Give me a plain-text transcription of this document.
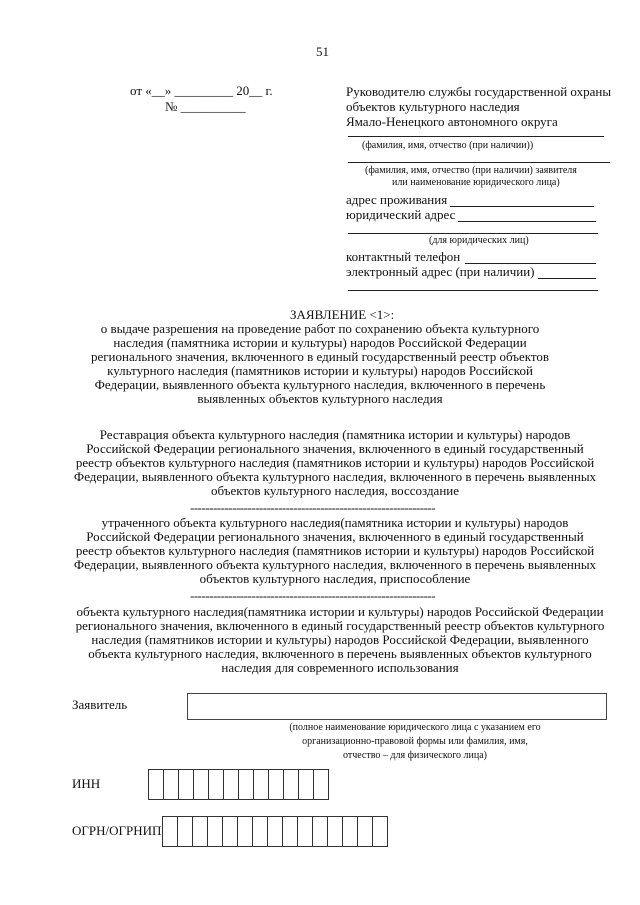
51
от «__» _________ 20__ г.
№ __________
Руководителю службы государственной охраны
объектов культурного наследия
Ямало-Ненецкого автономного округа
(фамилия, имя, отчество (при наличии))
(фамилия, имя, отчество (при наличии) заявителя
или наименование юридического лица)
адрес проживания
юридический адрес
(для юридических лиц)
контактный телефон
электронный адрес (при наличии)
ЗАЯВЛЕНИЕ <1>:
о выдаче разрешения на проведение работ по сохранению объекта культурного
наследия (памятника истории и культуры) народов Российской Федерации
регионального значения, включенного в единый государственный реестр объектов
культурного наследия (памятников истории и культуры) народов Российской
Федерации, выявленного объекта культурного наследия, включенного в перечень
выявленных объектов культурного наследия
Реставрация объекта культурного наследия (памятника истории и культуры) народов
Российской Федерации регионального значения, включенного в единый государственный
реестр объектов культурного наследия (памятников истории и культуры) народов Российской
Федерации, выявленного объекта культурного наследия, включенного в перечень выявленных
объектов культурного наследия, воссоздание
----------------------------------------------------------------
утраченного объекта культурного наследия(памятника истории и культуры) народов
Российской Федерации регионального значения, включенного в единый государственный
реестр объектов культурного наследия (памятников истории и культуры) народов Российской
Федерации, выявленного объекта культурного наследия, включенного в перечень выявленных
объектов культурного наследия, приспособление
----------------------------------------------------------------
объекта культурного наследия(памятника истории и культуры) народов Российской Федерации
регионального значения, включенного в единый государственный реестр объектов культурного
наследия (памятников истории и культуры) народов Российской Федерации, выявленного
объекта культурного наследия, включенного в перечень выявленных объектов культурного
наследия для современного использования
Заявитель
(полное наименование юридического лица с указанием его
организационно-правовой формы или фамилия, имя,
отчество – для физического лица)
ИНН
ОГРН/ОГРНИП
